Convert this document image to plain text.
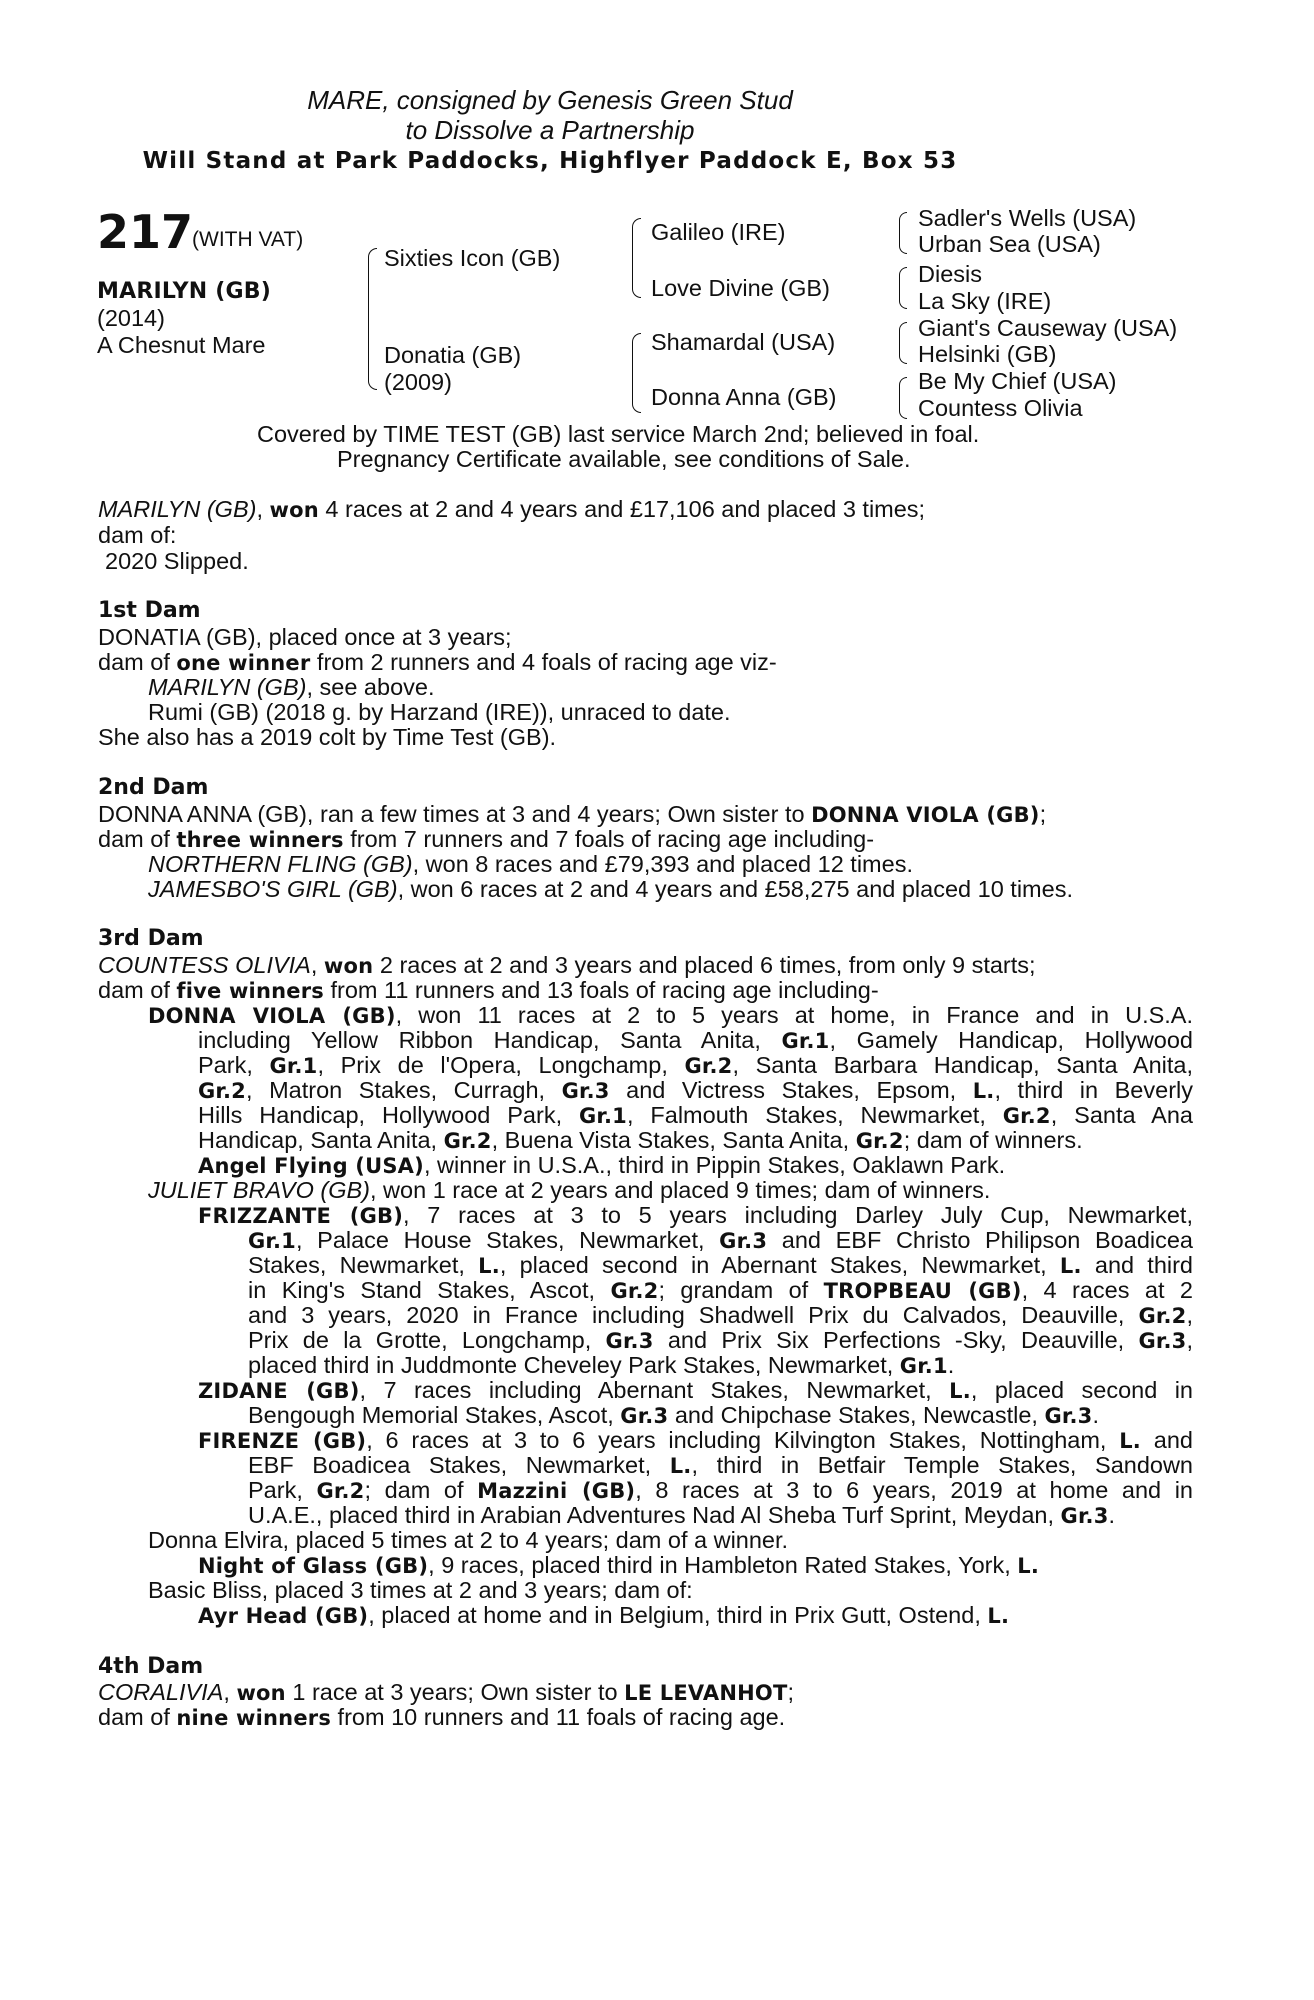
MARE, consigned by Genesis Green Stud
to Dissolve a Partnership
Will Stand at Park Paddocks, Highflyer Paddock E, Box 53
217
(WITH VAT)
MARILYN (GB)
(2014)
A Chesnut Mare
Sixties Icon (GB)
Donatia (GB)
(2009)
Galileo (IRE)
Love Divine (GB)
Shamardal (USA)
Donna Anna (GB)
Sadler's Wells (USA)
Urban Sea (USA)
Diesis
La Sky (IRE)
Giant's Causeway (USA)
Helsinki (GB)
Be My Chief (USA)
Countess Olivia
Covered by TIME TEST (GB) last service March 2nd; believed in foal.
Pregnancy Certificate available, see conditions of Sale.
MARILYN (GB), won 4 races at 2 and 4 years and £17,106 and placed 3 times;
dam of:
2020 Slipped.
1st Dam
DONATIA (GB), placed once at 3 years;
dam of one winner from 2 runners and 4 foals of racing age viz-
MARILYN (GB), see above.
Rumi (GB) (2018 g. by Harzand (IRE)), unraced to date.
She also has a 2019 colt by Time Test (GB).
2nd Dam
DONNA ANNA (GB), ran a few times at 3 and 4 years; Own sister to DONNA VIOLA (GB);
dam of three winners from 7 runners and 7 foals of racing age including-
NORTHERN FLING (GB), won 8 races and £79,393 and placed 12 times.
JAMESBO'S GIRL (GB), won 6 races at 2 and 4 years and £58,275 and placed 10 times.
3rd Dam
COUNTESS OLIVIA, won 2 races at 2 and 3 years and placed 6 times, from only 9 starts;
dam of five winners from 11 runners and 13 foals of racing age including-
DONNA VIOLA (GB), won 11 races at 2 to 5 years at home, in France and in U.S.A.
including Yellow Ribbon Handicap, Santa Anita, Gr.1, Gamely Handicap, Hollywood
Park, Gr.1, Prix de l'Opera, Longchamp, Gr.2, Santa Barbara Handicap, Santa Anita,
Gr.2, Matron Stakes, Curragh, Gr.3 and Victress Stakes, Epsom, L., third in Beverly
Hills Handicap, Hollywood Park, Gr.1, Falmouth Stakes, Newmarket, Gr.2, Santa Ana
Handicap, Santa Anita, Gr.2, Buena Vista Stakes, Santa Anita, Gr.2; dam of winners.
Angel Flying (USA), winner in U.S.A., third in Pippin Stakes, Oaklawn Park.
JULIET BRAVO (GB), won 1 race at 2 years and placed 9 times; dam of winners.
FRIZZANTE (GB), 7 races at 3 to 5 years including Darley July Cup, Newmarket,
Gr.1, Palace House Stakes, Newmarket, Gr.3 and EBF Christo Philipson Boadicea
Stakes, Newmarket, L., placed second in Abernant Stakes, Newmarket, L. and third
in King's Stand Stakes, Ascot, Gr.2; grandam of TROPBEAU (GB), 4 races at 2
and 3 years, 2020 in France including Shadwell Prix du Calvados, Deauville, Gr.2,
Prix de la Grotte, Longchamp, Gr.3 and Prix Six Perfections -Sky, Deauville, Gr.3,
placed third in Juddmonte Cheveley Park Stakes, Newmarket, Gr.1.
ZIDANE (GB), 7 races including Abernant Stakes, Newmarket, L., placed second in
Bengough Memorial Stakes, Ascot, Gr.3 and Chipchase Stakes, Newcastle, Gr.3.
FIRENZE (GB), 6 races at 3 to 6 years including Kilvington Stakes, Nottingham, L. and
EBF Boadicea Stakes, Newmarket, L., third in Betfair Temple Stakes, Sandown
Park, Gr.2; dam of Mazzini (GB), 8 races at 3 to 6 years, 2019 at home and in
U.A.E., placed third in Arabian Adventures Nad Al Sheba Turf Sprint, Meydan, Gr.3.
Donna Elvira, placed 5 times at 2 to 4 years; dam of a winner.
Night of Glass (GB), 9 races, placed third in Hambleton Rated Stakes, York, L.
Basic Bliss, placed 3 times at 2 and 3 years; dam of:
Ayr Head (GB), placed at home and in Belgium, third in Prix Gutt, Ostend, L.
4th Dam
CORALIVIA, won 1 race at 3 years; Own sister to LE LEVANHOT;
dam of nine winners from 10 runners and 11 foals of racing age.
